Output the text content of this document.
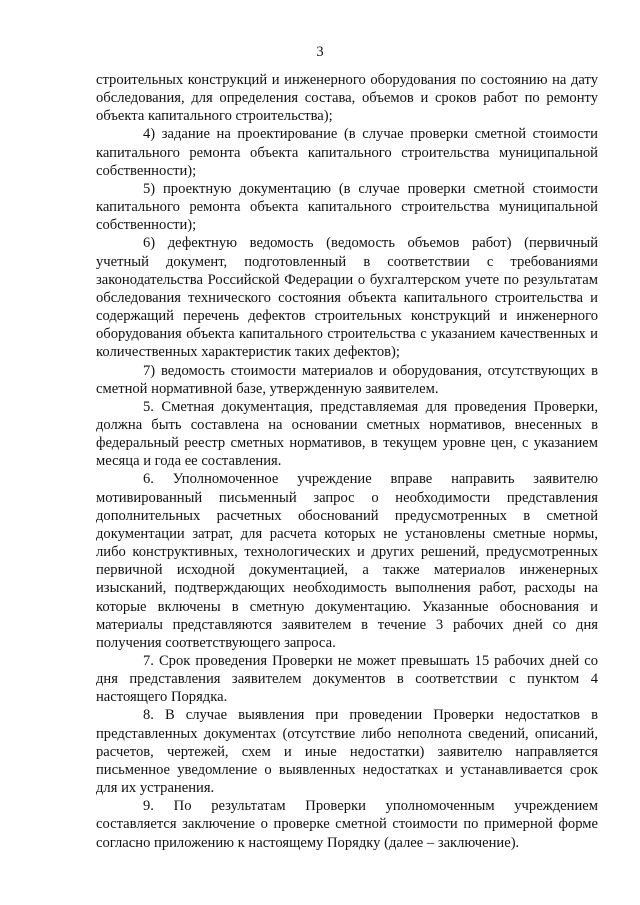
3

строительных конструкций и инженерного оборудования по состоянию на дату обследования, для определения состава, объемов и сроков работ по ремонту объекта капитального строительства);

4) задание на проектирование (в случае проверки сметной стоимости капитального ремонта объекта капитального строительства муниципальной собственности);

5) проектную документацию (в случае проверки сметной стоимости капитального ремонта объекта капитального строительства муниципальной собственности);

6) дефектную ведомость (ведомость объемов работ) (первичный учетный документ, подготовленный в соответствии с требованиями законодательства Российской Федерации о бухгалтерском учете по результатам обследования технического состояния объекта капитального строительства и содержащий перечень дефектов строительных конструкций и инженерного оборудования объекта капитального строительства с указанием качественных и количественных характеристик таких дефектов);

7) ведомость стоимости материалов и оборудования, отсутствующих в сметной нормативной базе, утвержденную заявителем.

5. Сметная документация, представляемая для проведения Проверки, должна быть составлена на основании сметных нормативов, внесенных в федеральный реестр сметных нормативов, в текущем уровне цен, с указанием месяца и года ее составления.

6. Уполномоченное учреждение вправе направить заявителю мотивированный письменный запрос о необходимости представления дополнительных расчетных обоснований предусмотренных в сметной документации затрат, для расчета которых не установлены сметные нормы, либо конструктивных, технологических и других решений, предусмотренных первичной исходной документацией, а также материалов инженерных изысканий, подтверждающих необходимость выполнения работ, расходы на которые включены в сметную документацию. Указанные обоснования и материалы представляются заявителем в течение 3 рабочих дней со дня получения соответствующего запроса.

7. Срок проведения Проверки не может превышать 15 рабочих дней со дня представления заявителем документов в соответствии с пунктом 4 настоящего Порядка.

8. В случае выявления при проведении Проверки недостатков в представленных документах (отсутствие либо неполнота сведений, описаний, расчетов, чертежей, схем и иные недостатки) заявителю направляется письменное уведомление о выявленных недостатках и устанавливается срок для их устранения.

9. По результатам Проверки уполномоченным учреждением составляется заключение о проверке сметной стоимости по примерной форме согласно приложению к настоящему Порядку (далее – заключение).
